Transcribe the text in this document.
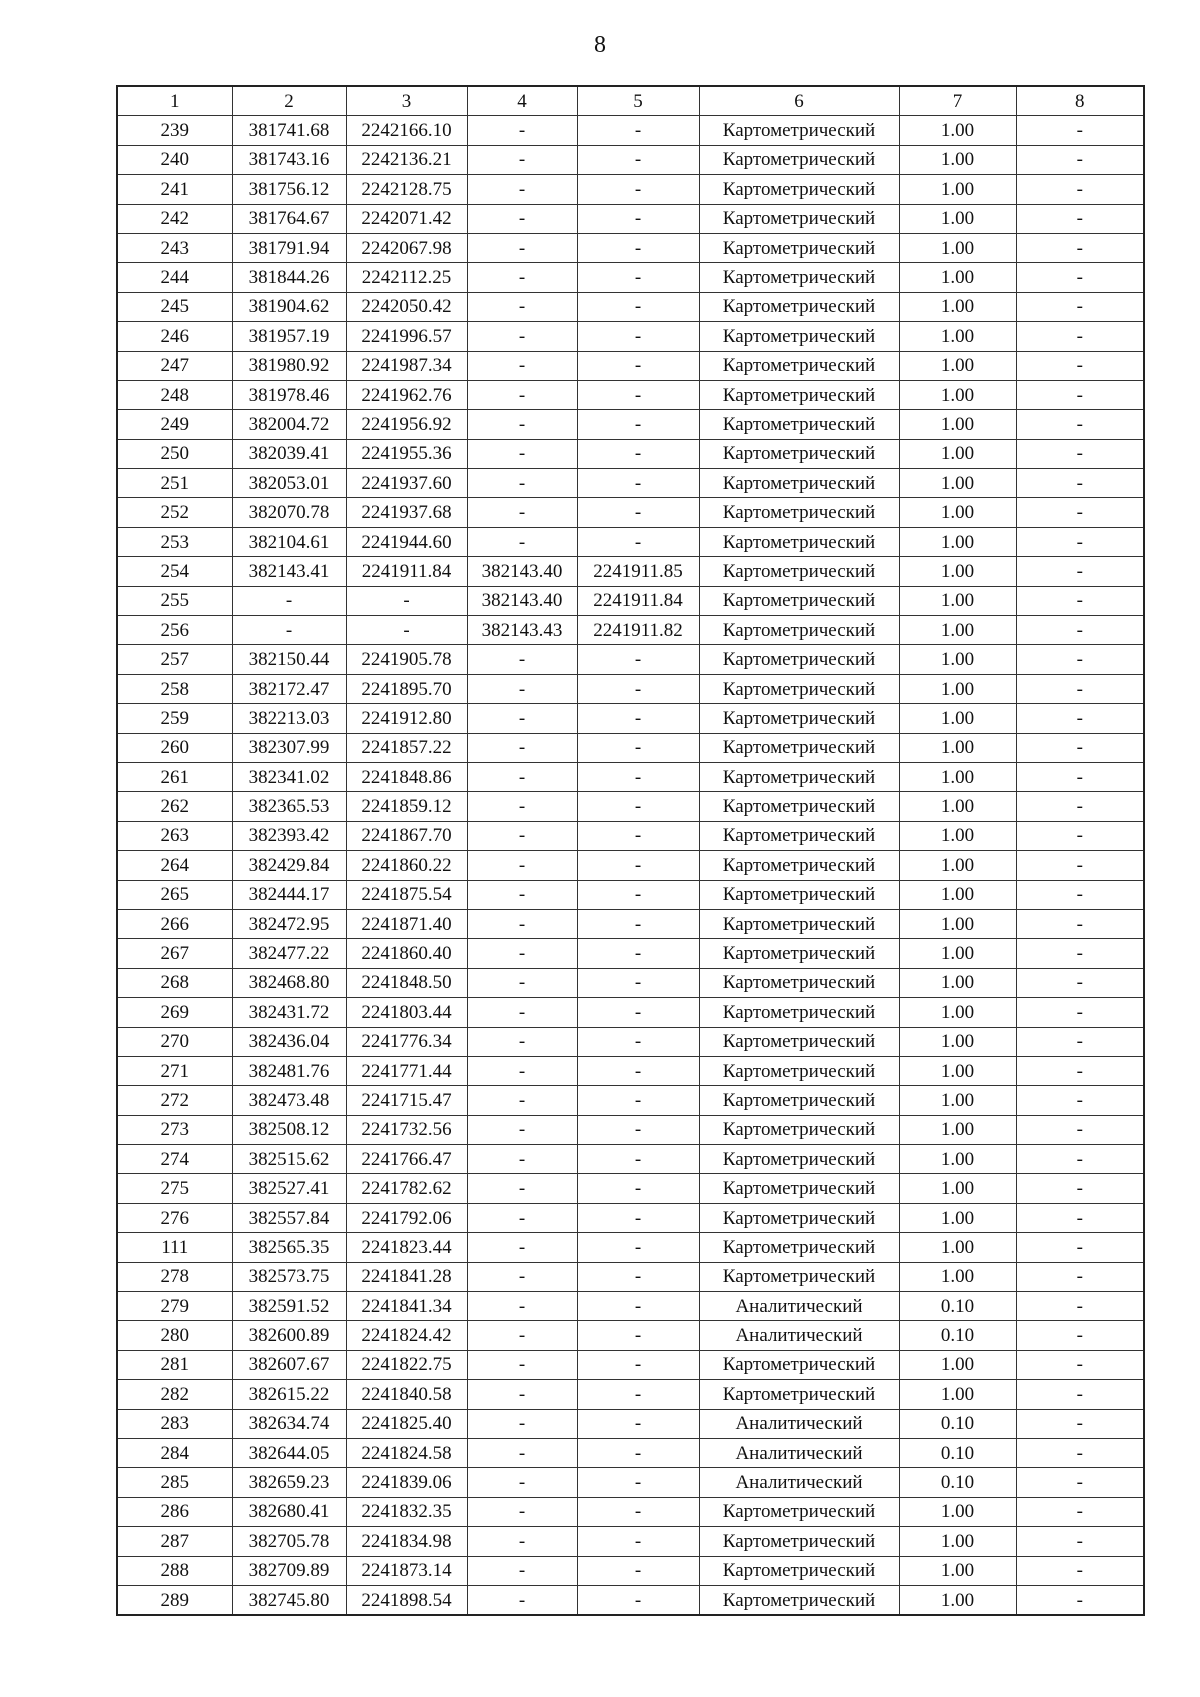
8
1	2	3	4	5	6	7	8
239	381741.68	2242166.10	-	-	Картометрический	1.00	-
240	381743.16	2242136.21	-	-	Картометрический	1.00	-
241	381756.12	2242128.75	-	-	Картометрический	1.00	-
242	381764.67	2242071.42	-	-	Картометрический	1.00	-
243	381791.94	2242067.98	-	-	Картометрический	1.00	-
244	381844.26	2242112.25	-	-	Картометрический	1.00	-
245	381904.62	2242050.42	-	-	Картометрический	1.00	-
246	381957.19	2241996.57	-	-	Картометрический	1.00	-
247	381980.92	2241987.34	-	-	Картометрический	1.00	-
248	381978.46	2241962.76	-	-	Картометрический	1.00	-
249	382004.72	2241956.92	-	-	Картометрический	1.00	-
250	382039.41	2241955.36	-	-	Картометрический	1.00	-
251	382053.01	2241937.60	-	-	Картометрический	1.00	-
252	382070.78	2241937.68	-	-	Картометрический	1.00	-
253	382104.61	2241944.60	-	-	Картометрический	1.00	-
254	382143.41	2241911.84	382143.40	2241911.85	Картометрический	1.00	-
255	-	-	382143.40	2241911.84	Картометрический	1.00	-
256	-	-	382143.43	2241911.82	Картометрический	1.00	-
257	382150.44	2241905.78	-	-	Картометрический	1.00	-
258	382172.47	2241895.70	-	-	Картометрический	1.00	-
259	382213.03	2241912.80	-	-	Картометрический	1.00	-
260	382307.99	2241857.22	-	-	Картометрический	1.00	-
261	382341.02	2241848.86	-	-	Картометрический	1.00	-
262	382365.53	2241859.12	-	-	Картометрический	1.00	-
263	382393.42	2241867.70	-	-	Картометрический	1.00	-
264	382429.84	2241860.22	-	-	Картометрический	1.00	-
265	382444.17	2241875.54	-	-	Картометрический	1.00	-
266	382472.95	2241871.40	-	-	Картометрический	1.00	-
267	382477.22	2241860.40	-	-	Картометрический	1.00	-
268	382468.80	2241848.50	-	-	Картометрический	1.00	-
269	382431.72	2241803.44	-	-	Картометрический	1.00	-
270	382436.04	2241776.34	-	-	Картометрический	1.00	-
271	382481.76	2241771.44	-	-	Картометрический	1.00	-
272	382473.48	2241715.47	-	-	Картометрический	1.00	-
273	382508.12	2241732.56	-	-	Картометрический	1.00	-
274	382515.62	2241766.47	-	-	Картометрический	1.00	-
275	382527.41	2241782.62	-	-	Картометрический	1.00	-
276	382557.84	2241792.06	-	-	Картометрический	1.00	-
111	382565.35	2241823.44	-	-	Картометрический	1.00	-
278	382573.75	2241841.28	-	-	Картометрический	1.00	-
279	382591.52	2241841.34	-	-	Аналитический	0.10	-
280	382600.89	2241824.42	-	-	Аналитический	0.10	-
281	382607.67	2241822.75	-	-	Картометрический	1.00	-
282	382615.22	2241840.58	-	-	Картометрический	1.00	-
283	382634.74	2241825.40	-	-	Аналитический	0.10	-
284	382644.05	2241824.58	-	-	Аналитический	0.10	-
285	382659.23	2241839.06	-	-	Аналитический	0.10	-
286	382680.41	2241832.35	-	-	Картометрический	1.00	-
287	382705.78	2241834.98	-	-	Картометрический	1.00	-
288	382709.89	2241873.14	-	-	Картометрический	1.00	-
289	382745.80	2241898.54	-	-	Картометрический	1.00	-
